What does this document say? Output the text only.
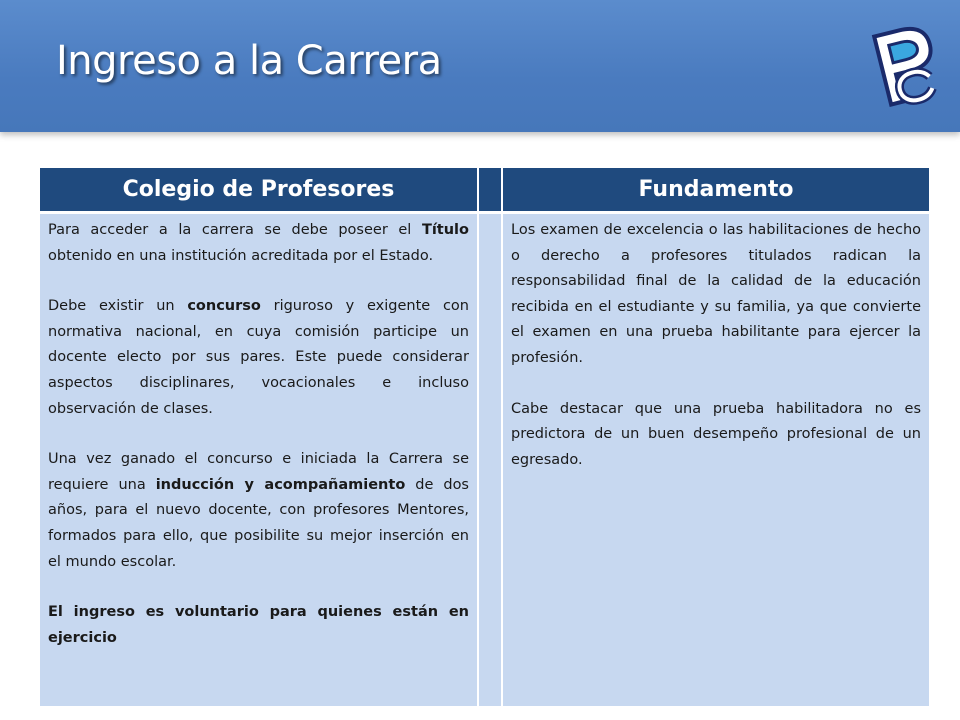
Ingreso a la Carrera
Colegio de Profesores	Fundamento

Para acceder a la carrera se debe poseer el Título obtenido en una institución acreditada por el Estado.

Debe existir un concurso riguroso y exigente con normativa nacional, en cuya comisión participe un docente electo por sus pares. Este puede considerar aspectos disciplinares, vocacionales e incluso observación de clases.

Una vez ganado el concurso e iniciada la Carrera se requiere una inducción y acompañamiento de dos años, para el nuevo docente, con profesores Mentores, formados para ello, que posibilite su mejor inserción en el mundo escolar.

El ingreso es voluntario para quienes están en ejercicio

Los examen de excelencia o las habilitaciones de hecho o derecho a profesores titulados radican la responsabilidad final de la calidad de la educación recibida en el estudiante y su familia, ya que convierte el examen en una prueba habilitante para ejercer la profesión.

Cabe destacar que una prueba habilitadora no es predictora de un buen desempeño profesional de un egresado.
